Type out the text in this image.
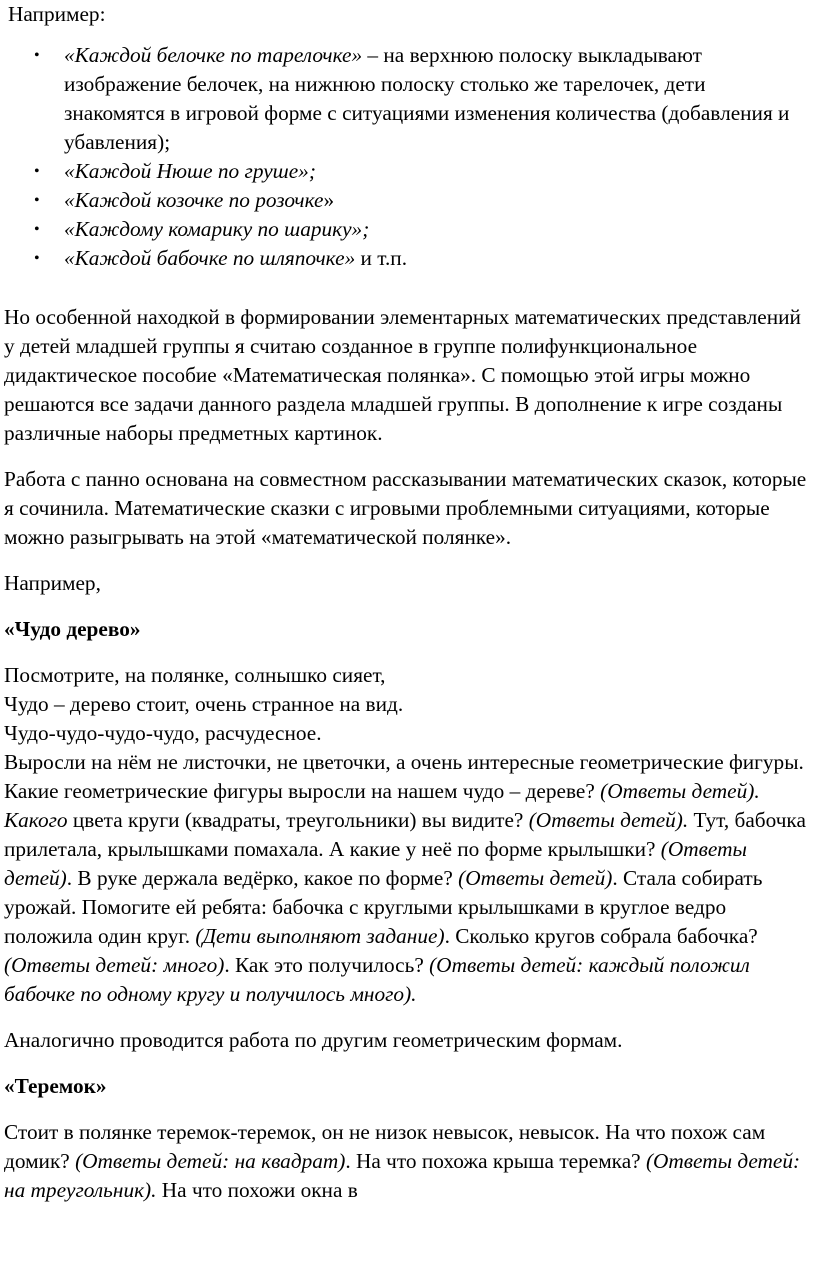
Например:

• «Каждой белочке по тарелочке» – на верхнюю полоску выкладывают изображение белочек, на нижнюю полоску столько же тарелочек, дети знакомятся в игровой форме с ситуациями изменения количества (добавления и убавления);
• «Каждой Нюше по груше»;
• «Каждой козочке по розочке»
• «Каждому комарику по шарику»;
• «Каждой бабочке по шляпочке» и т.п.

Но особенной находкой в формировании элементарных математических представлений у детей младшей группы я считаю созданное в группе полифункциональное дидактическое пособие «Математическая полянка». С помощью этой игры можно решаются все задачи данного раздела младшей группы. В дополнение к игре созданы различные наборы предметных картинок.

Работа с панно основана на совместном рассказывании математических сказок, которые я сочинила. Математические сказки с игровыми проблемными ситуациями, которые можно разыгрывать на этой «математической полянке».

Например,

«Чудо дерево»

Посмотрите, на полянке, солнышко сияет,
Чудо – дерево стоит, очень странное на вид.
Чудо-чудо-чудо-чудо, расчудесное.
Выросли на нём не листочки, не цветочки, а очень интересные геометрические фигуры.
Какие геометрические фигуры выросли на нашем чудо – дереве? (Ответы детей). Какого цвета круги (квадраты, треугольники) вы видите? (Ответы детей). Тут, бабочка прилетала, крылышками помахала. А какие у неё по форме крылышки? (Ответы детей). В руке держала ведёрко, какое по форме? (Ответы детей). Стала собирать урожай. Помогите ей ребята: бабочка с круглыми крылышками в круглое ведро положила один круг. (Дети выполняют задание). Сколько кругов собрала бабочка? (Ответы детей: много). Как это получилось? (Ответы детей: каждый положил бабочке по одному кругу и получилось много).

Аналогично проводится работа по другим геометрическим формам.

«Теремок»

Стоит в полянке теремок-теремок, он не низок невысок, невысок. На что похож сам домик? (Ответы детей: на квадрат). На что похожа крыша теремка? (Ответы детей: на треугольник). На что похожи окна в
